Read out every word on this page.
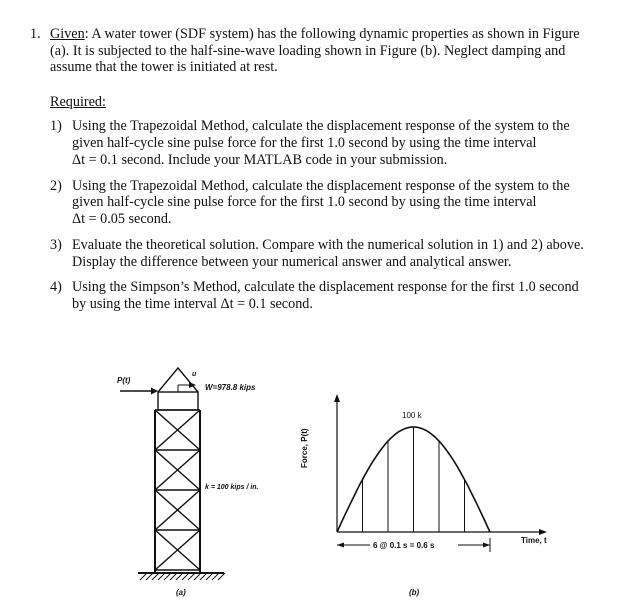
1. Given: A water tower (SDF system) has the following dynamic properties as shown in Figure
(a). It is subjected to the half-sine-wave loading shown in Figure (b). Neglect damping and
assume that the tower is initiated at rest.
Required:
1) Using the Trapezoidal Method, calculate the displacement response of the system to the
given half-cycle sine pulse force for the first 1.0 second by using the time interval
Δt = 0.1 second. Include your MATLAB code in your submission.
2) Using the Trapezoidal Method, calculate the displacement response of the system to the
given half-cycle sine pulse force for the first 1.0 second by using the time interval
Δt = 0.05 second.
3) Evaluate the theoretical solution. Compare with the numerical solution in 1) and 2) above.
Display the difference between your numerical answer and analytical answer.
4) Using the Simpson’s Method, calculate the displacement response for the first 1.0 second
by using the time interval Δt = 0.1 second.
P(t)
u
W=978.8 kips
k = 100 kips / in.
(a)
Force, P(t)
100 k
Time, t
6 @ 0.1 s = 0.6 s
(b)
